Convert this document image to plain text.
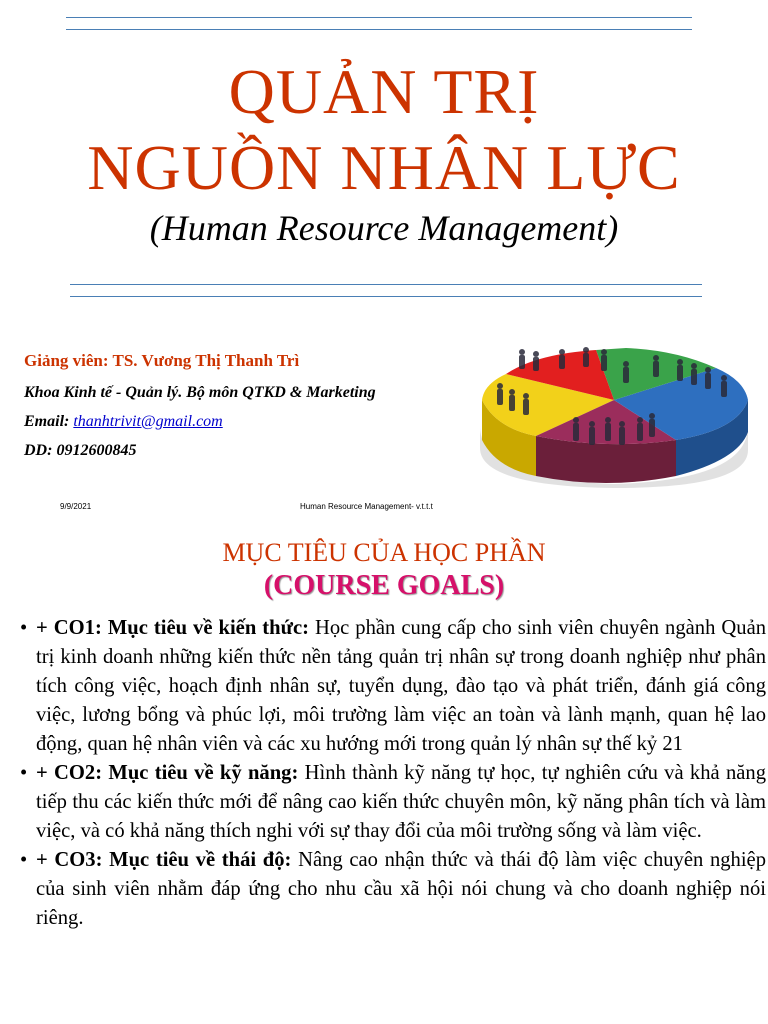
QUẢN TRỊ
NGUỒN NHÂN LỰC
(Human Resource Management)
Giảng viên: TS. Vương Thị Thanh Trì
Khoa Kinh tế - Quản lý. Bộ môn QTKD & Marketing
Email: thanhtrivit@gmail.com
DD: 0912600845
9/9/2021	Human Resource Management- v.t.t.t
MỤC TIÊU CỦA HỌC PHẦN
(COURSE GOALS)

• + CO1: Mục tiêu về kiến thức: Học phần cung cấp cho sinh viên chuyên ngành Quản trị kinh doanh những kiến thức nền tảng quản trị nhân sự trong doanh nghiệp như phân tích công việc, hoạch định nhân sự, tuyển dụng, đào tạo và phát triển, đánh giá công việc, lương bổng và phúc lợi, môi trường làm việc an toàn và lành mạnh, quan hệ lao động, quan hệ nhân viên và các xu hướng mới trong quản lý nhân sự thế kỷ 21

• + CO2: Mục tiêu về kỹ năng: Hình thành kỹ năng tự học, tự nghiên cứu và khả năng tiếp thu các kiến thức mới để nâng cao kiến thức chuyên môn, kỹ năng phân tích và làm việc, và có khả năng thích nghi với sự thay đổi của môi trường sống và làm việc.

• + CO3: Mục tiêu về thái độ: Nâng cao nhận thức và thái độ làm việc chuyên nghiệp của sinh viên nhằm đáp ứng cho nhu cầu xã hội nói chung và cho doanh nghiệp nói riêng.
